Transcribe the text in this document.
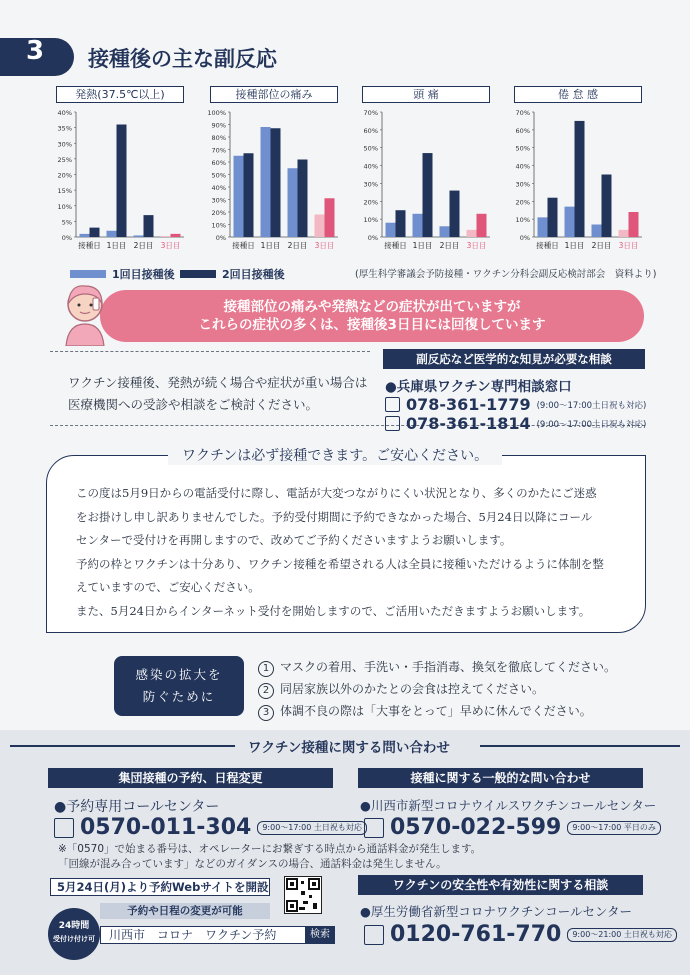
3 接種後の主な副反応
発熱(37.5℃以上)
0%
5%
10%
15%
20%
25%
30%
35%
40%
接種日 1日目 2日目 3日目
接種部位の痛み
0%
10%
20%
30%
40%
50%
60%
70%
80%
90%
100%
接種日 1日目 2日目 3日目
頭 痛
0%
10%
20%
30%
40%
50%
60%
70%
接種日 1日目 2日目 3日目
倦 怠 感
0%
10%
20%
30%
40%
50%
60%
70%
接種日 1日目 2日目 3日目
1回目接種後	2回目接種後	(厚生科学審議会予防接種・ワクチン分科会副反応検討部会　資料より)
接種部位の痛みや発熱などの症状が出ていますが
これらの症状の多くは、接種後3日目には回復しています
ワクチン接種後、発熱が続く場合や症状が重い場合は
医療機関への受診や相談をご検討ください。
副反応など医学的な知見が必要な相談
●兵庫県ワクチン専門相談窓口
078-361-1779 (9:00～17:00土日祝も対応)
078-361-1814 (9:00～17:00土日祝も対応)
ワクチンは必ず接種できます。ご安心ください。
この度は5月9日からの電話受付に際し、電話が大変つながりにくい状況となり、多くのかたにご迷惑
をお掛けし申し訳ありませんでした。予約受付期間に予約できなかった場合、5月24日以降にコール
センターで受付けを再開しますので、改めてご予約くださいますようお願いします。
予約の枠とワクチンは十分あり、ワクチン接種を希望される人は全員に接種いただけるように体制を整
えていますので、ご安心ください。
また、5月24日からインターネット受付を開始しますので、ご活用いただきますようお願いします。
感染の拡大を
防ぐために
1 マスクの着用、手洗い・手指消毒、換気を徹底してください。
2 同居家族以外のかたとの会食は控えてください。
3 体調不良の際は「大事をとって」早めに休んでください。
ワクチン接種に関する問い合わせ
集団接種の予約、日程変更
●予約専用コールセンター
0570-011-304	9:00～17:00 土日祝も対応
※「0570」で始まる番号は、オペレーターにお繋ぎする時点から通話料金が発生します。
「回線が混み合っています」などのガイダンスの場合、通話料金は発生しません。
5月24日(月)より予約Webサイトを開設
予約や日程の変更が可能
24時間
受付け付け可	川西市　コロナ　ワクチン予約	検索
接種に関する一般的な問い合わせ
●川西市新型コロナウイルスワクチンコールセンター
0570-022-599	9:00～17:00 平日のみ
ワクチンの安全性や有効性に関する相談
●厚生労働省新型コロナワクチンコールセンター
0120-761-770	9:00～21:00 土日祝も対応
